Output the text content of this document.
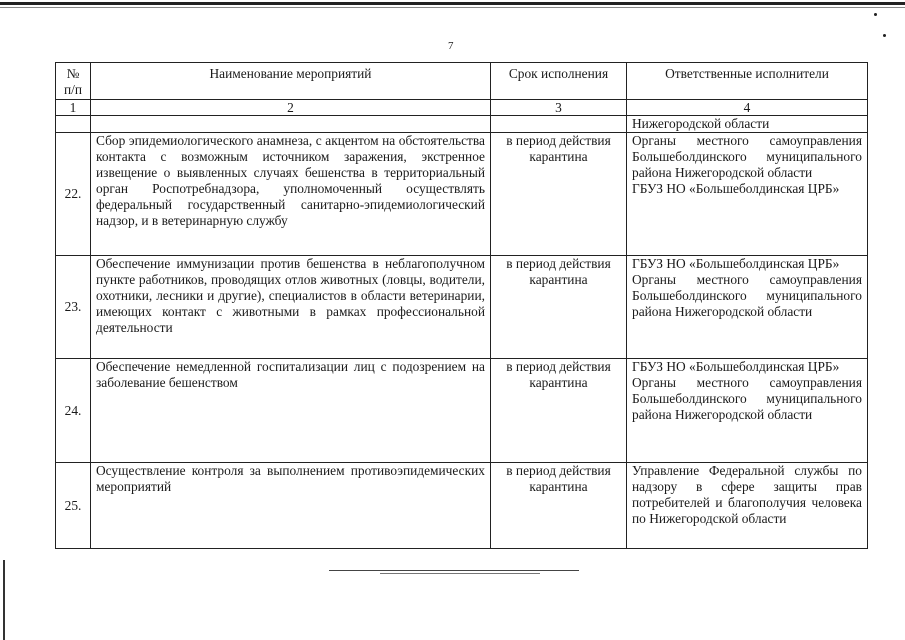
7
№ п/п	Наименование мероприятий	Срок исполнения	Ответственные исполнители
1	2	3	4
			Нижегородской области
22.	Сбор эпидемиологического анамнеза, с акцентом на обстоятельства контакта с возможным источником заражения, экстренное извещение о выявленных случаях бешенства в территориальный орган Роспотребнадзора, уполномоченный осуществлять федеральный государственный санитарно-эпидемиологический надзор, и в ветеринарную службу	в период действия карантина	Органы местного самоуправления Большеболдинского муниципального района Нижегородской области
ГБУЗ НО «Большеболдинская ЦРБ»
23.	Обеспечение иммунизации против бешенства в неблагополучном пункте работников, проводящих отлов животных (ловцы, водители, охотники, лесники и другие), специалистов в области ветеринарии, имеющих контакт с животными в рамках профессиональной деятельности	в период действия карантина	ГБУЗ НО «Большеболдинская ЦРБ»
Органы местного самоуправления Большеболдинского муниципального района Нижегородской области
24.	Обеспечение немедленной госпитализации лиц с подозрением на заболевание бешенством	в период действия карантина	ГБУЗ НО «Большеболдинская ЦРБ»
Органы местного самоуправления Большеболдинского муниципального района Нижегородской области
25.	Осуществление контроля за выполнением противоэпидемических мероприятий	в период действия карантина	Управление Федеральной службы по надзору в сфере защиты прав потребителей и благополучия человека по Нижегородской области
